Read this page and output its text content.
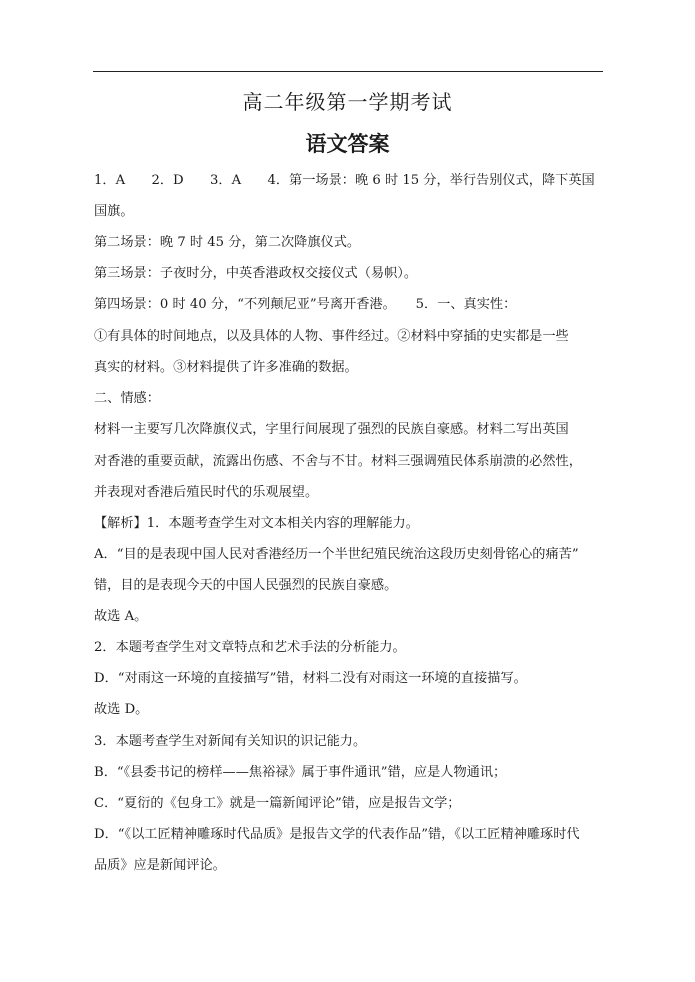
高二年级第一学期考试
语文答案
1．A　　2．D　　3．A　　4．第一场景：晚 6 时 15 分，举行告别仪式，降下英国
国旗。
第二场景：晚 7 时 45 分，第二次降旗仪式。
第三场景：子夜时分，中英香港政权交接仪式（易帜）。
第四场景：0 时 40 分，“不列颠尼亚”号离开香港。　　5．一、真实性：
①有具体的时间地点，以及具体的人物、事件经过。②材料中穿插的史实都是一些
真实的材料。③材料提供了许多准确的数据。
二、情感：
材料一主要写几次降旗仪式，字里行间展现了强烈的民族自豪感。材料二写出英国
对香港的重要贡献，流露出伤感、不舍与不甘。材料三强调殖民体系崩溃的必然性，
并表现对香港后殖民时代的乐观展望。
【解析】1．本题考查学生对文本相关内容的理解能力。
A．“目的是表现中国人民对香港经历一个半世纪殖民统治这段历史刻骨铭心的痛苦”
错，目的是表现今天的中国人民强烈的民族自豪感。
故选 A。
2．本题考查学生对文章特点和艺术手法的分析能力。
D．“对雨这一环境的直接描写”错，材料二没有对雨这一环境的直接描写。
故选 D。
3．本题考查学生对新闻有关知识的识记能力。
B．“《县委书记的榜样——焦裕禄》属于事件通讯”错，应是人物通讯；
C．“夏衍的《包身工》就是一篇新闻评论”错，应是报告文学；
D．“《以工匠精神雕琢时代品质》是报告文学的代表作品”错，《以工匠精神雕琢时代
品质》应是新闻评论。
